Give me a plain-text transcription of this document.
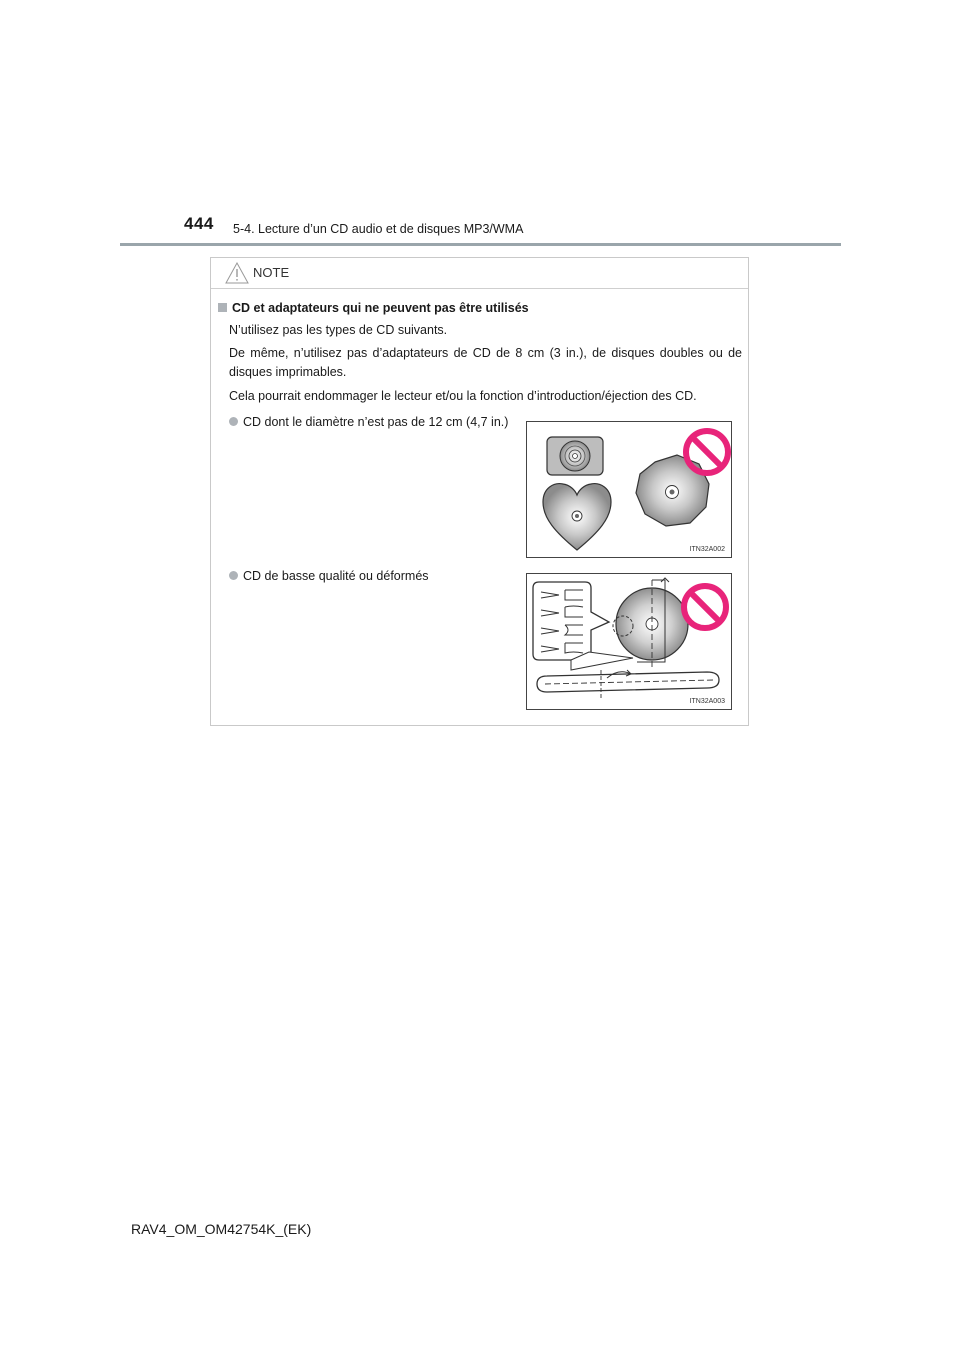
444 5-4. Lecture d’un CD audio et de disques MP3/WMA
NOTE
CD et adaptateurs qui ne peuvent pas être utilisés

N’utilisez pas les types de CD suivants.

De même, n’utilisez pas d’adaptateurs de CD de 8 cm (3 in.), de disques doubles ou de disques imprimables.

Cela pourrait endommager le lecteur et/ou la fonction d’introduction/éjection des CD.

CD dont le diamètre n’est pas de 12 cm (4,7 in.)

ITN32A002

CD de basse qualité ou déformés

ITN32A003
RAV4_OM_OM42754K_(EK)
